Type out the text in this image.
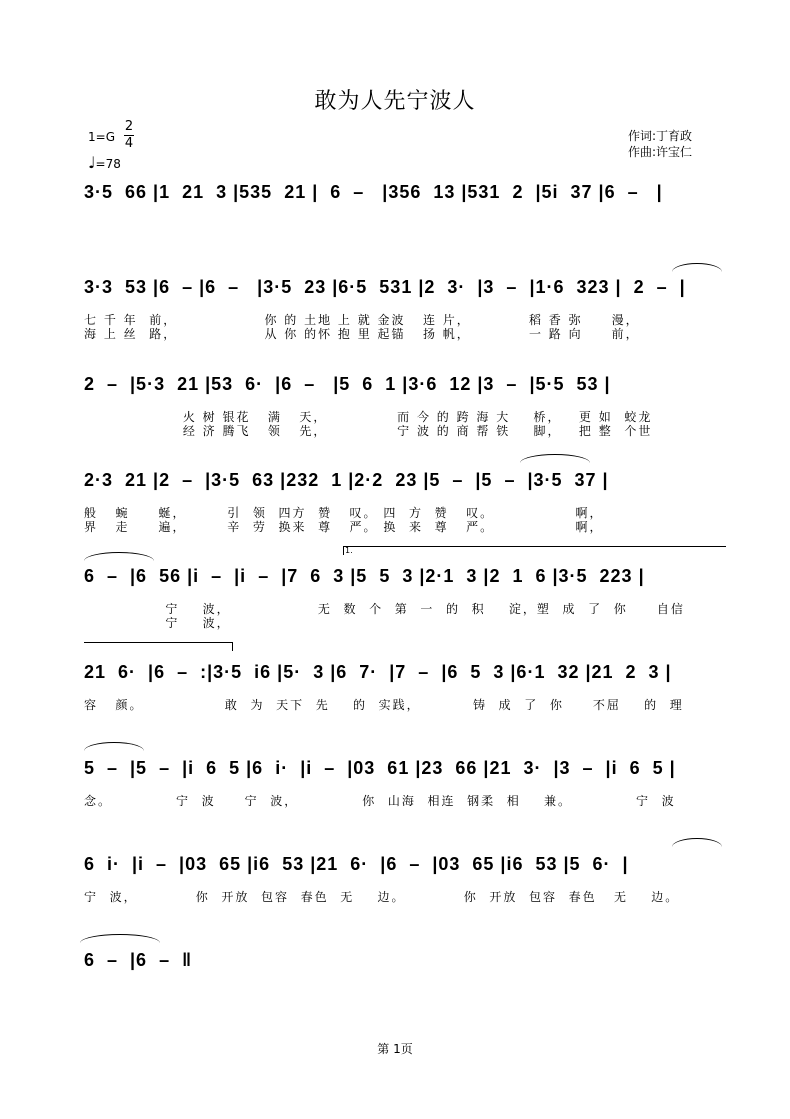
敢为人先宁波人
1=G
2
4
♩=78
作词:丁育政
作曲:许宝仁
3·5  66 |1  21  3 |535  21 |  6  –   |356  13 |531  2  |5i  37 |6  –   |
3·3  53 |6  – |6  –   |3·5  23 |6·5  531 |2  3·  |3  –  |1·6  323 |  2  –  |
七 千 年  前，               你 的 土地 上 就 金波   连 片，          稻 香 弥     漫，
海 上 丝  路，               从 你 的怀 抱 里 起锚   扬 帆，          一 路 向     前，
2  –  |5·3  21 |53  6·  |6  –   |5  6  1 |3·6  12 |3  –  |5·5  53 |
火 树 银花   满   天，            而 今 的 跨 海 大    桥，   更 如  蛟龙
经 济 腾飞   领   先，            宁 波 的 商 帮 铁    脚，   把 整  个世
2·3  21 |2  –  |3·5  63 |232  1 |2·2  23 |5  –  |5  –  |3·5  37 |
般   蜿     蜒，       引  领  四方  赞   叹。 四  方  赞   叹。              啊，
界   走     遍，       辛  劳  换来  尊   严。 换  来  尊   严。              啊，
1.
6  –  |6  56 |i  –  |i  –  |7  6  3 |5  5  3 |2·1  3 |2  1  6 |3·5  223 |
宁    波，               无  数  个  第  一  的  积    淀，塑  成  了  你     自信
宁    波，
21  6·  |6  –  :|3·5  i6 |5·  3 |6  7·  |7  –  |6  5  3 |6·1  32 |21  2  3 |
容   颜。              敢  为  天下  先    的  实践，         铸  成  了  你     不屈    的  理
5  –  |5  –  |i  6  5 |6  i·  |i  –  |03  61 |23  66 |21  3·  |3  –  |i  6  5 |
念。           宁  波     宁  波，           你  山海  相连  钢柔  相    兼。           宁  波
6  i·  |i  –  |03  65 |i6  53 |21  6·  |6  –  |03  65 |i6  53 |5  6·  |
宁  波，          你  开放  包容  春色  无    边。          你  开放  包容  春色   无    边。
6  –  |6  –  ‖
第 1页
